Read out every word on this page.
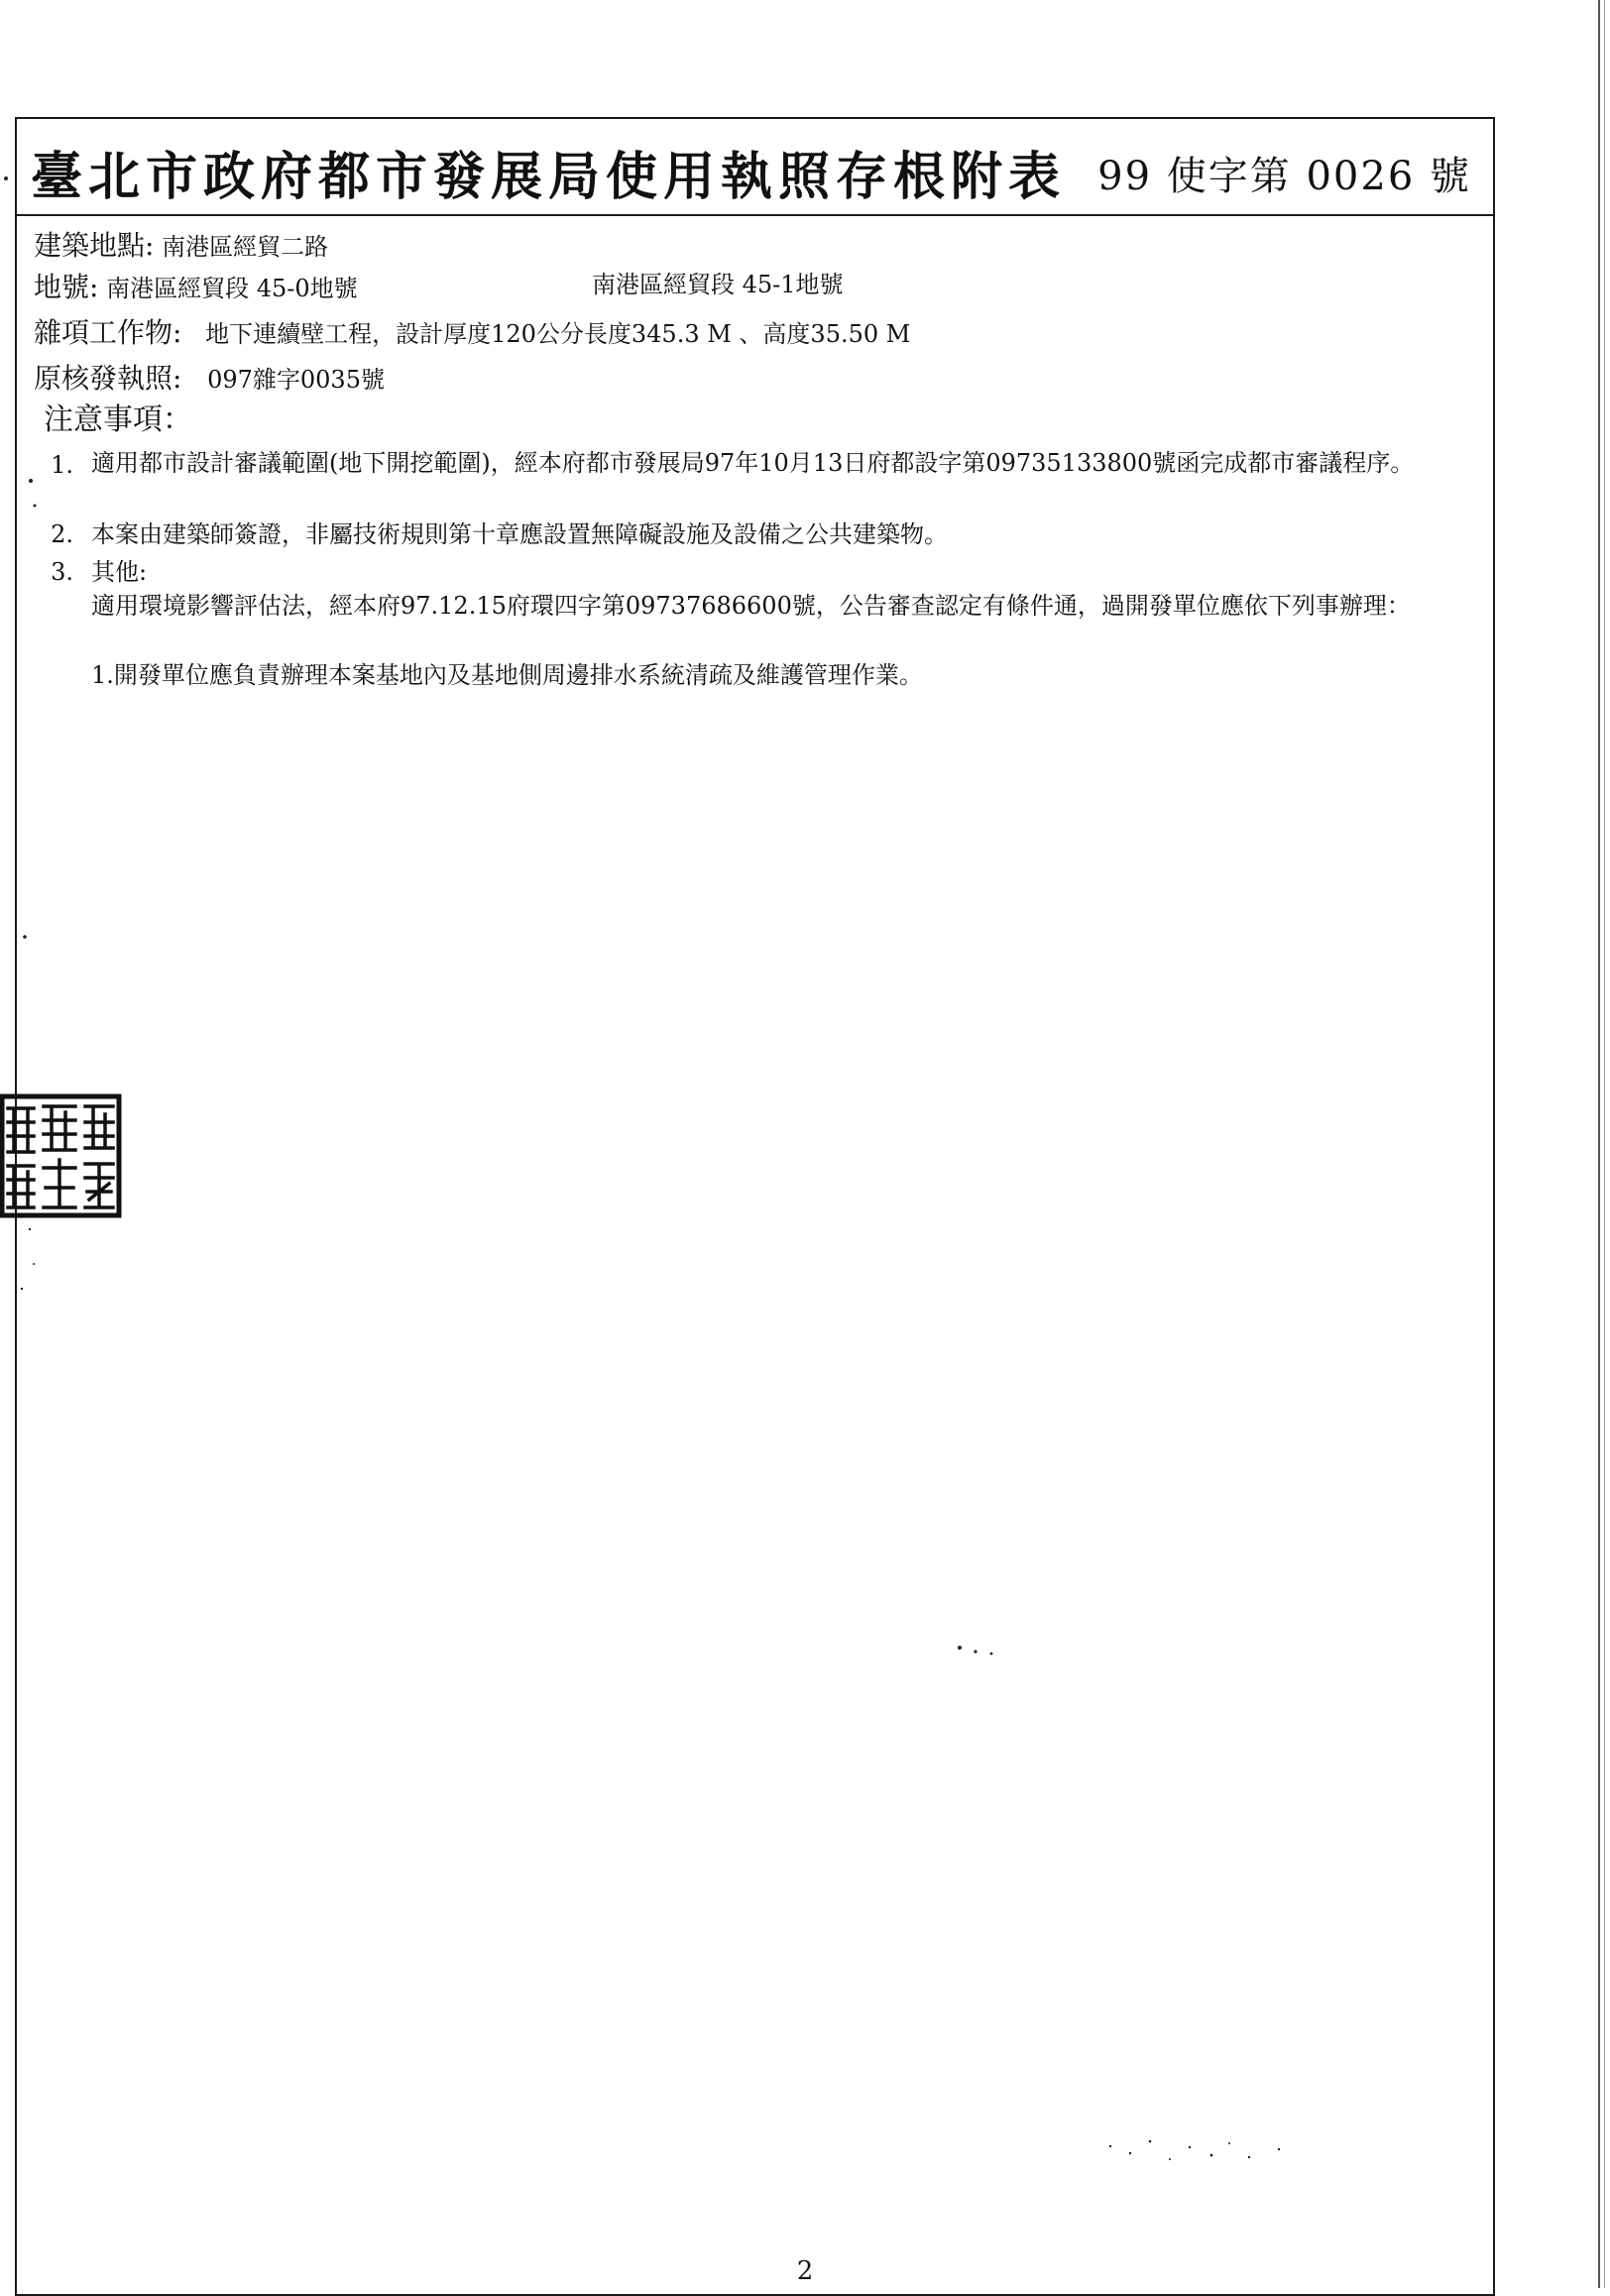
臺北市政府都市發展局使用執照存根附表 99 使字第 0026 號
建築地點: 南港區經貿二路
地號: 南港區經貿段 45-0地號	南港區經貿段 45-1地號
雜項工作物: 地下連續壁工程，設計厚度120公分長度345.3 M 、高度35.50 M
原核發執照: 097雜字0035號
注意事項：
1. 適用都市設計審議範圍(地下開挖範圍)，經本府都市發展局97年10月13日府都設字第09735133800號函完成都市審議程序。
2. 本案由建築師簽證，非屬技術規則第十章應設置無障礙設施及設備之公共建築物。
3. 其他:
適用環境影響評估法，經本府97.12.15府環四字第09737686600號，公告審查認定有條件通，過開發單位應依下列事辦理：
1.開發單位應負責辦理本案基地內及基地側周邊排水系統清疏及維護管理作業。
2
